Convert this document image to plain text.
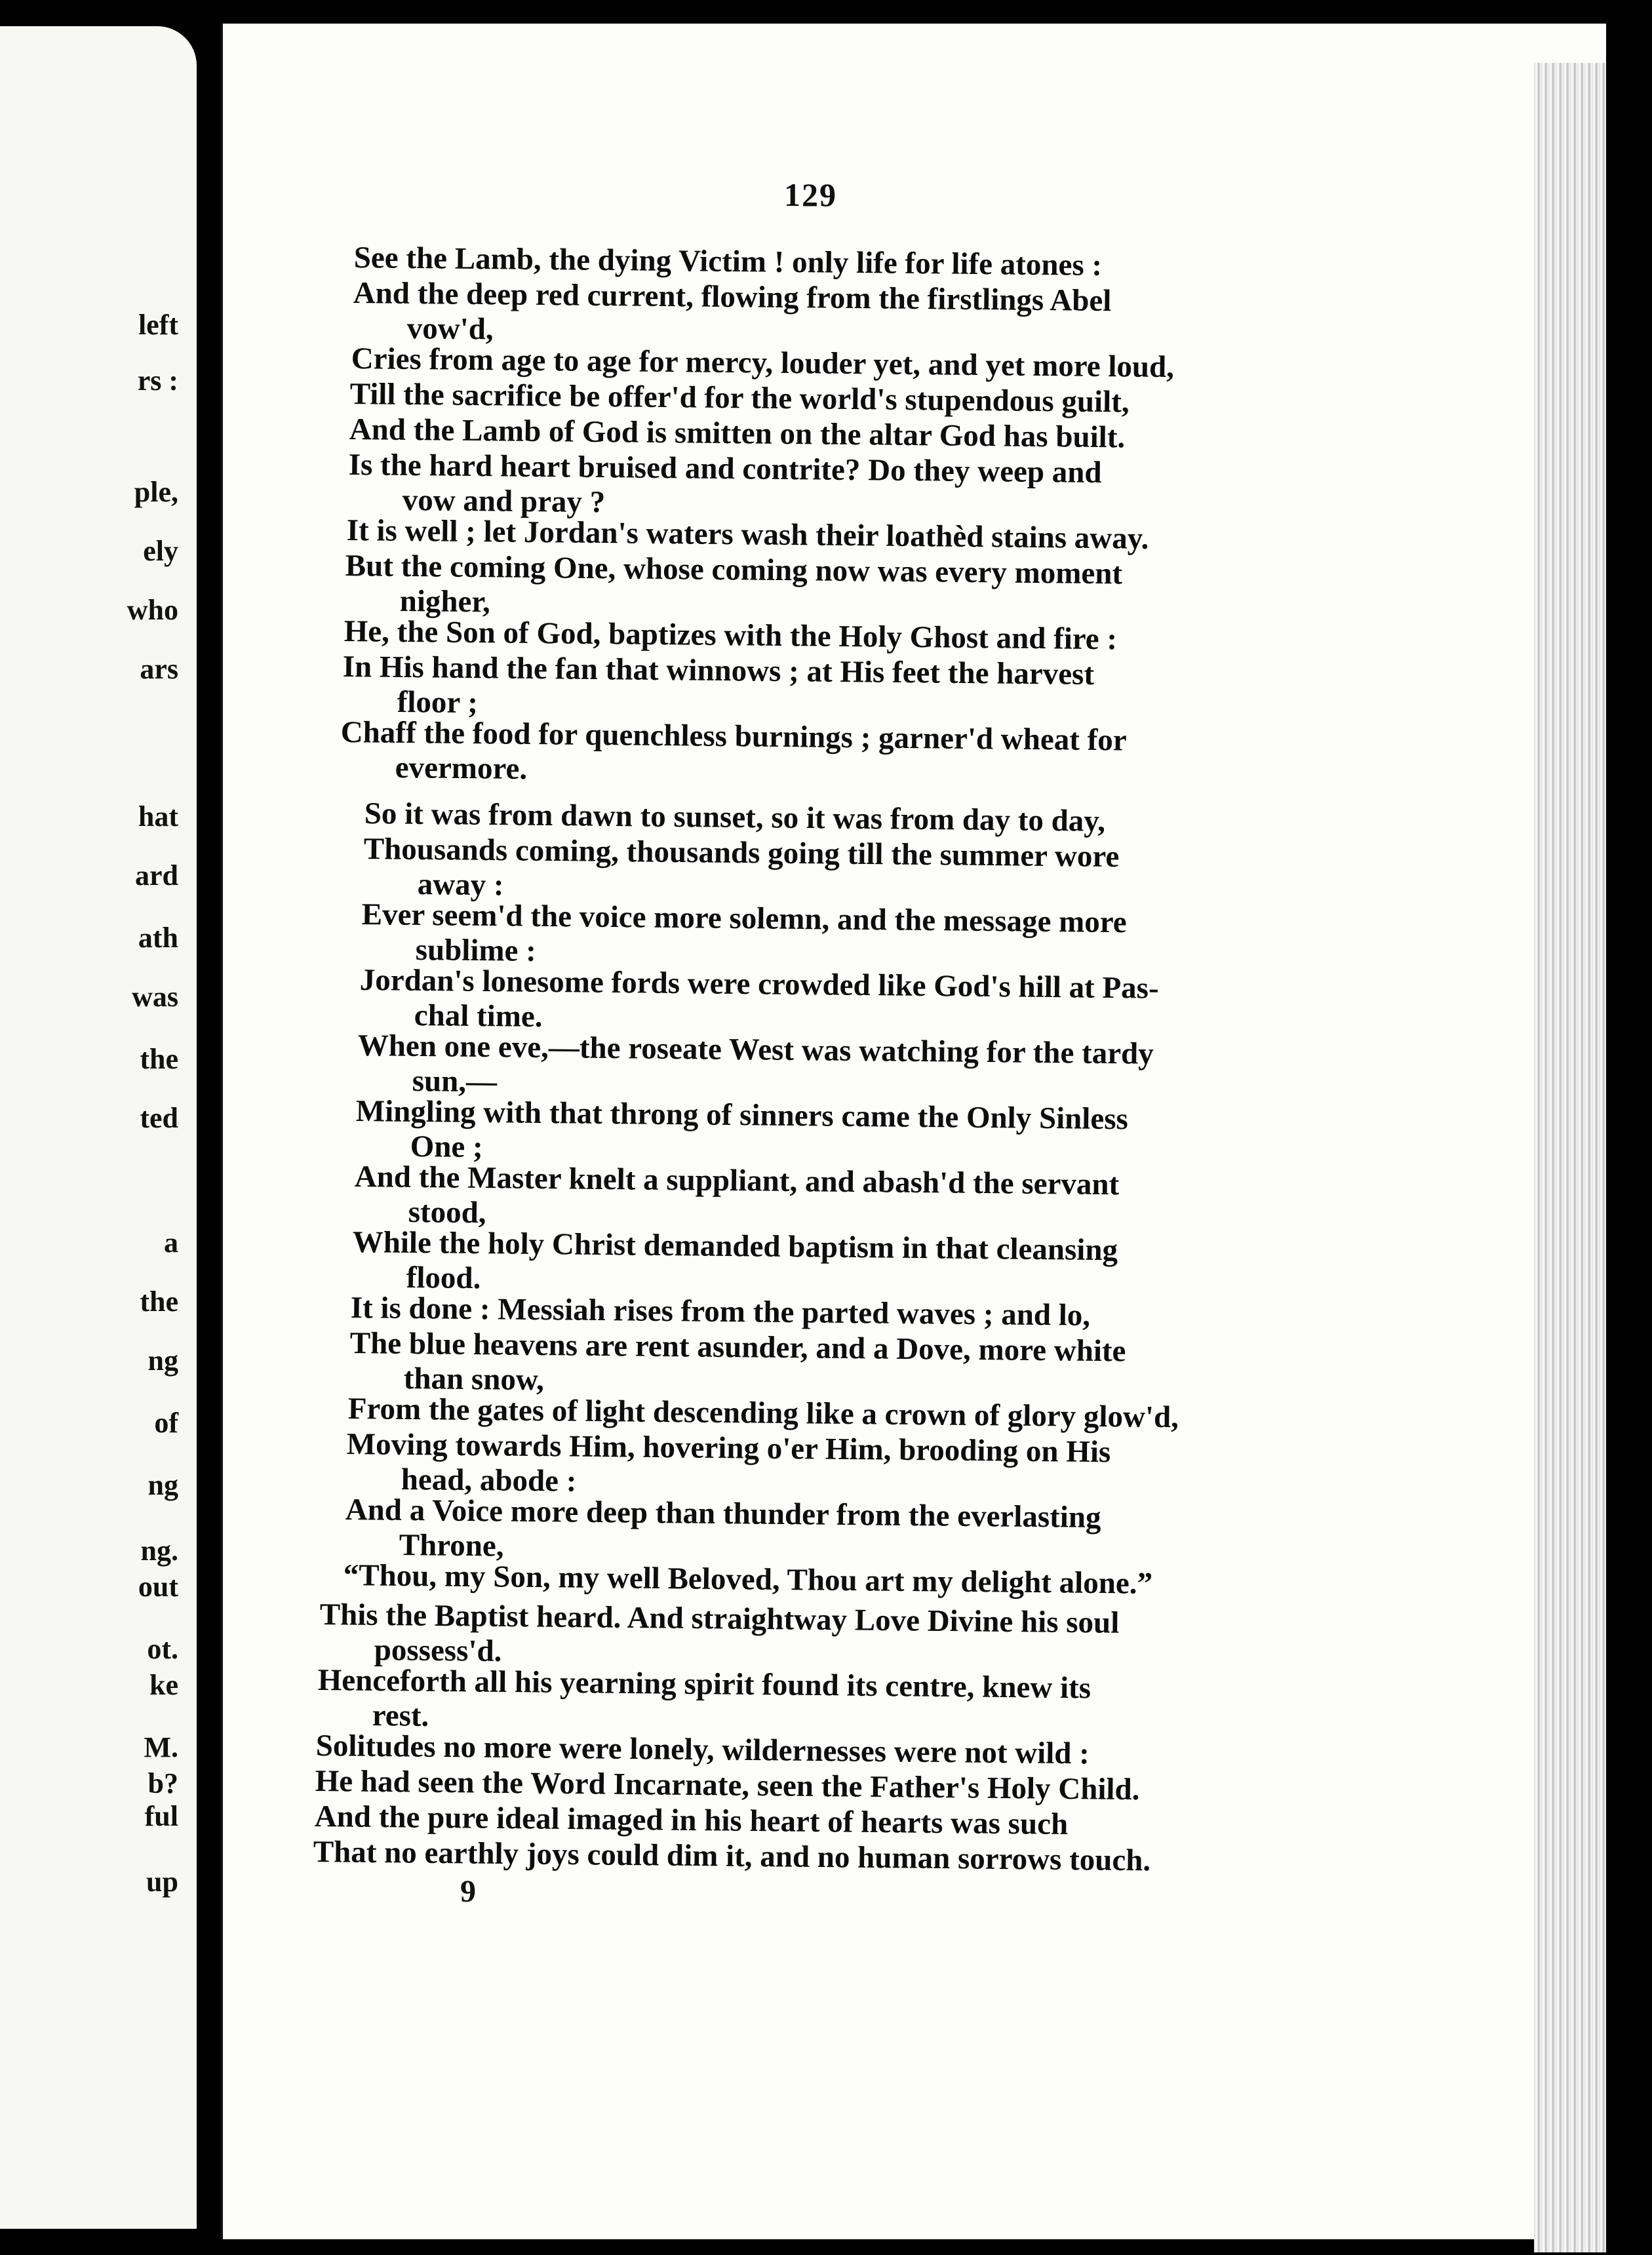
left
rs :
ple,
ely
who
ars
hat
ard
ath
was
the
ted
a
the
ng
of
ng
ng.
out
ot.
ke
M.
b?
ful
up
129
See the Lamb, the dying Victim ! only life for life atones :
And the deep red current, flowing from the firstlings Abel
vow'd,
Cries from age to age for mercy, louder yet, and yet more loud,
Till the sacrifice be offer'd for the world's stupendous guilt,
And the Lamb of God is smitten on the altar God has built.
Is the hard heart bruised and contrite? Do they weep and
vow and pray ?
It is well ; let Jordan's waters wash their loathèd stains away.
But the coming One, whose coming now was every moment
nigher,
He, the Son of God, baptizes with the Holy Ghost and fire :
In His hand the fan that winnows ; at His feet the harvest
floor ;
Chaff the food for quenchless burnings ; garner'd wheat for
evermore.
So it was from dawn to sunset, so it was from day to day,
Thousands coming, thousands going till the summer wore
away :
Ever seem'd the voice more solemn, and the message more
sublime :
Jordan's lonesome fords were crowded like God's hill at Pas-
chal time.
When one eve,—the roseate West was watching for the tardy
sun,—
Mingling with that throng of sinners came the Only Sinless
One ;
And the Master knelt a suppliant, and abash'd the servant
stood,
While the holy Christ demanded baptism in that cleansing
flood.
It is done : Messiah rises from the parted waves ; and lo,
The blue heavens are rent asunder, and a Dove, more white
than snow,
From the gates of light descending like a crown of glory glow'd,
Moving towards Him, hovering o'er Him, brooding on His
head, abode :
And a Voice more deep than thunder from the everlasting
Throne,
“Thou, my Son, my well Beloved, Thou art my delight alone.”
This the Baptist heard. And straightway Love Divine his soul
possess'd.
Henceforth all his yearning spirit found its centre, knew its
rest.
Solitudes no more were lonely, wildernesses were not wild :
He had seen the Word Incarnate, seen the Father's Holy Child.
And the pure ideal imaged in his heart of hearts was such
That no earthly joys could dim it, and no human sorrows touch.
9
